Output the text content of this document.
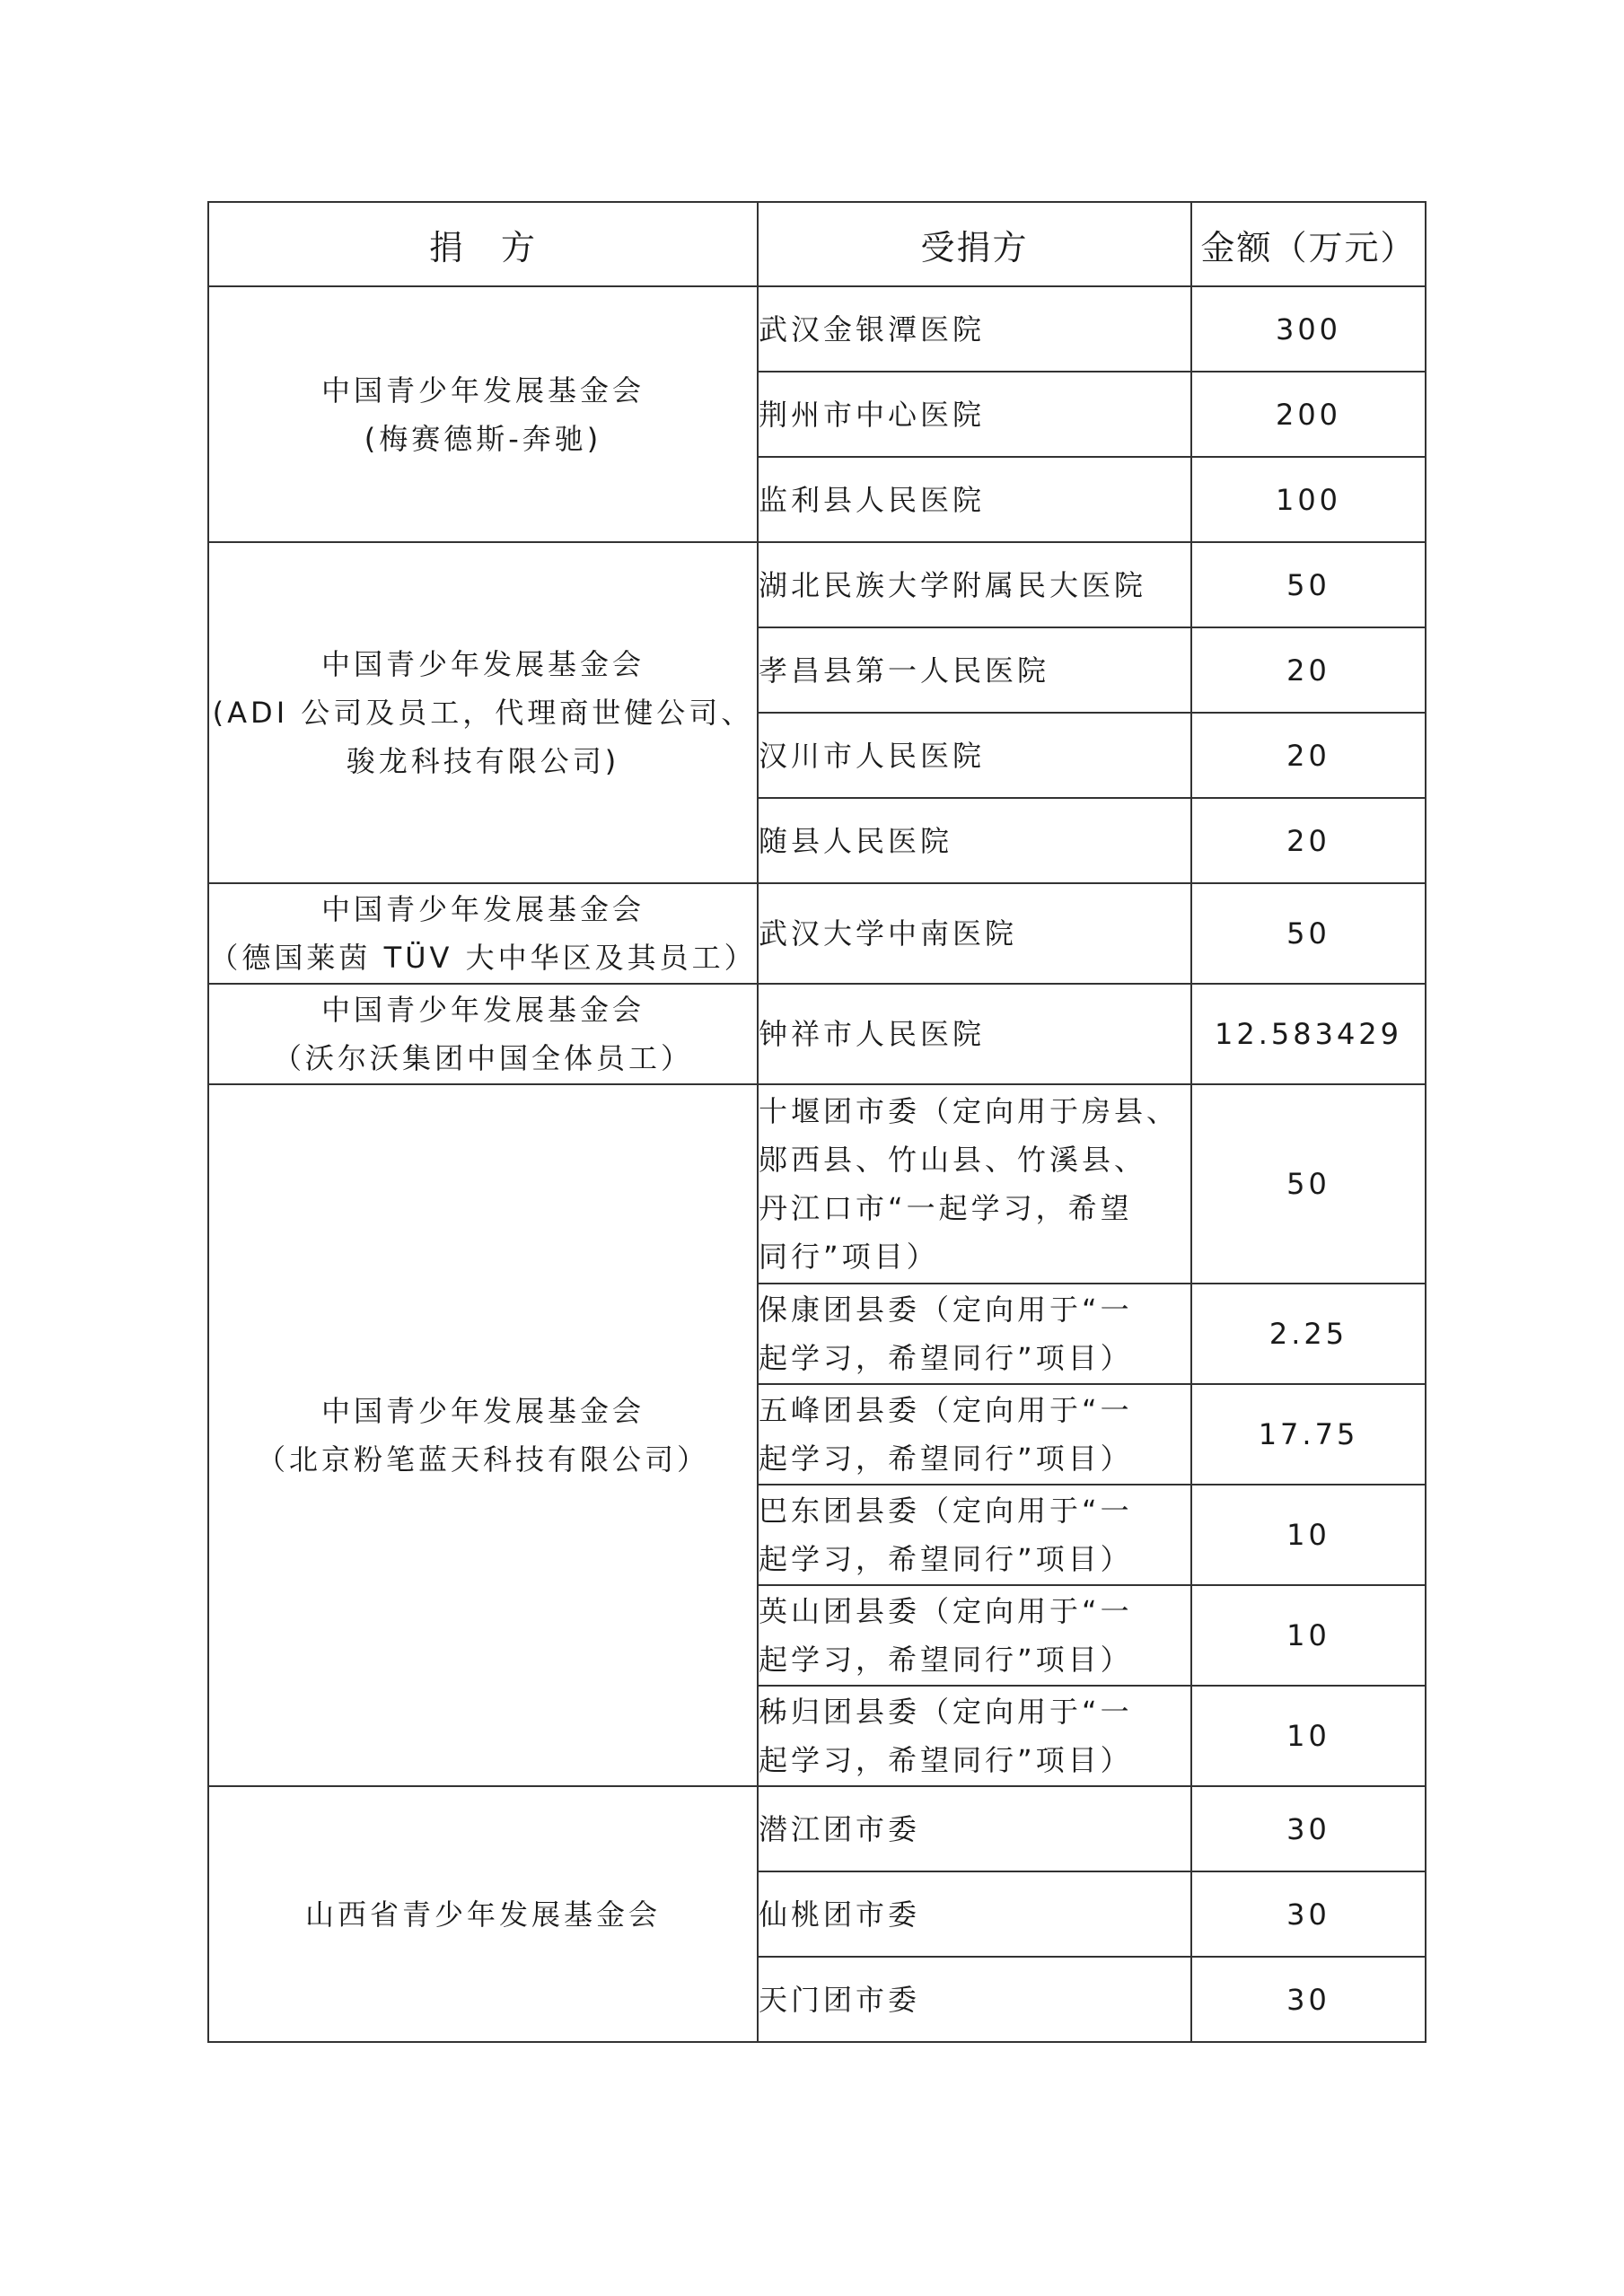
捐　方	受捐方	金额（万元）

中国青少年发展基金会
(梅赛德斯-奔驰)	武汉金银潭医院	300

	荆州市中心医院	200

	监利县人民医院	100

中国青少年发展基金会
(ADI 公司及员工，代理商世健公司、
骏龙科技有限公司)	湖北民族大学附属民大医院	50

	孝昌县第一人民医院	20

	汉川市人民医院	20

	随县人民医院	20

中国青少年发展基金会
（德国莱茵 TÜV 大中华区及其员工）	武汉大学中南医院	50

中国青少年发展基金会
（沃尔沃集团中国全体员工）	钟祥市人民医院	12.583429

中国青少年发展基金会
（北京粉笔蓝天科技有限公司）	十堰团市委（定向用于房县、
郧西县、竹山县、竹溪县、
丹江口市“一起学习，希望
同行”项目）	50

	保康团县委（定向用于“一
起学习，希望同行”项目）	2.25

	五峰团县委（定向用于“一
起学习，希望同行”项目）	17.75

	巴东团县委（定向用于“一
起学习，希望同行”项目）	10

	英山团县委（定向用于“一
起学习，希望同行”项目）	10

	秭归团县委（定向用于“一
起学习，希望同行”项目）	10

山西省青少年发展基金会	潜江团市委	30

	仙桃团市委	30

	天门团市委	30
